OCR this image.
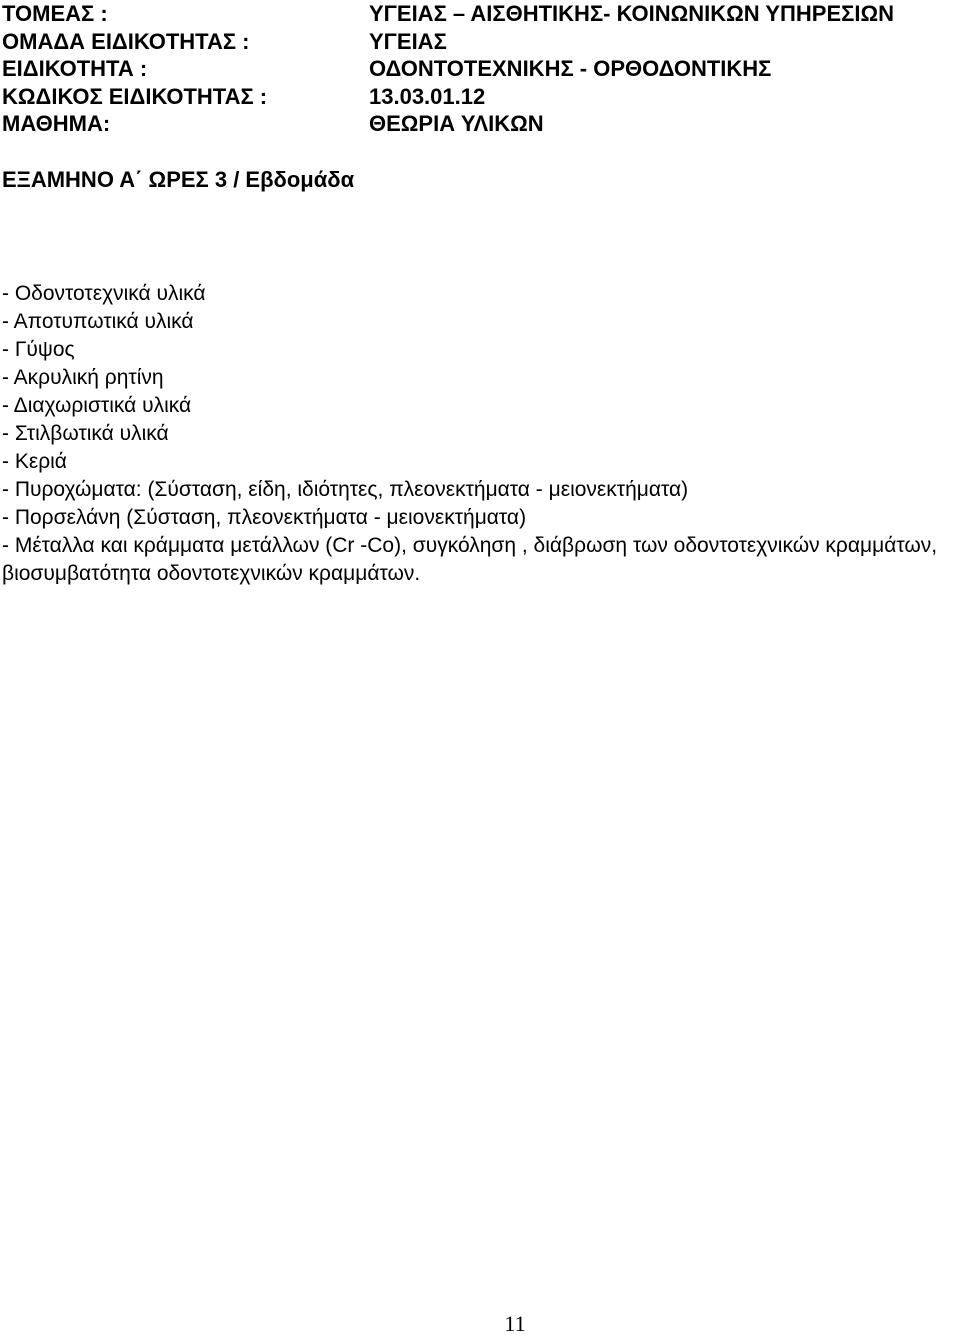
ΤΟΜΕΑΣ :	ΥΓΕΙΑΣ – ΑΙΣΘΗΤΙΚΗΣ- ΚΟΙΝΩΝΙΚΩΝ ΥΠΗΡΕΣΙΩΝ
ΟΜΑΔΑ ΕΙΔΙΚΟΤΗΤΑΣ :	ΥΓΕΙΑΣ
ΕΙΔΙΚΟΤΗΤΑ :	ΟΔΟΝΤΟΤΕΧΝΙΚΗΣ - ΟΡΘΟΔΟΝΤΙΚΗΣ
ΚΩΔΙΚΟΣ ΕΙΔΙΚΟΤΗΤΑΣ :	13.03.01.12
ΜΑΘΗΜΑ:	ΘΕΩΡΙΑ ΥΛΙΚΩΝ
ΕΞΑΜΗΝΟ Α΄ ΩΡΕΣ 3 / Εβδομάδα
- Οδοντοτεχνικά υλικά
- Αποτυπωτικά υλικά
- Γύψος
- Ακρυλική ρητίνη
- Διαχωριστικά υλικά
- Στιλβωτικά υλικά
- Κεριά
- Πυροχώματα: (Σύσταση, είδη, ιδιότητες, πλεονεκτήματα - μειονεκτήματα)
- Πορσελάνη (Σύσταση, πλεονεκτήματα - μειονεκτήματα)
- Μέταλλα και κράμματα μετάλλων (Cr -Co), συγκόληση , διάβρωση των οδοντοτεχνικών κραμμάτων, βιοσυμβατότητα οδοντοτεχνικών κραμμάτων.
11
